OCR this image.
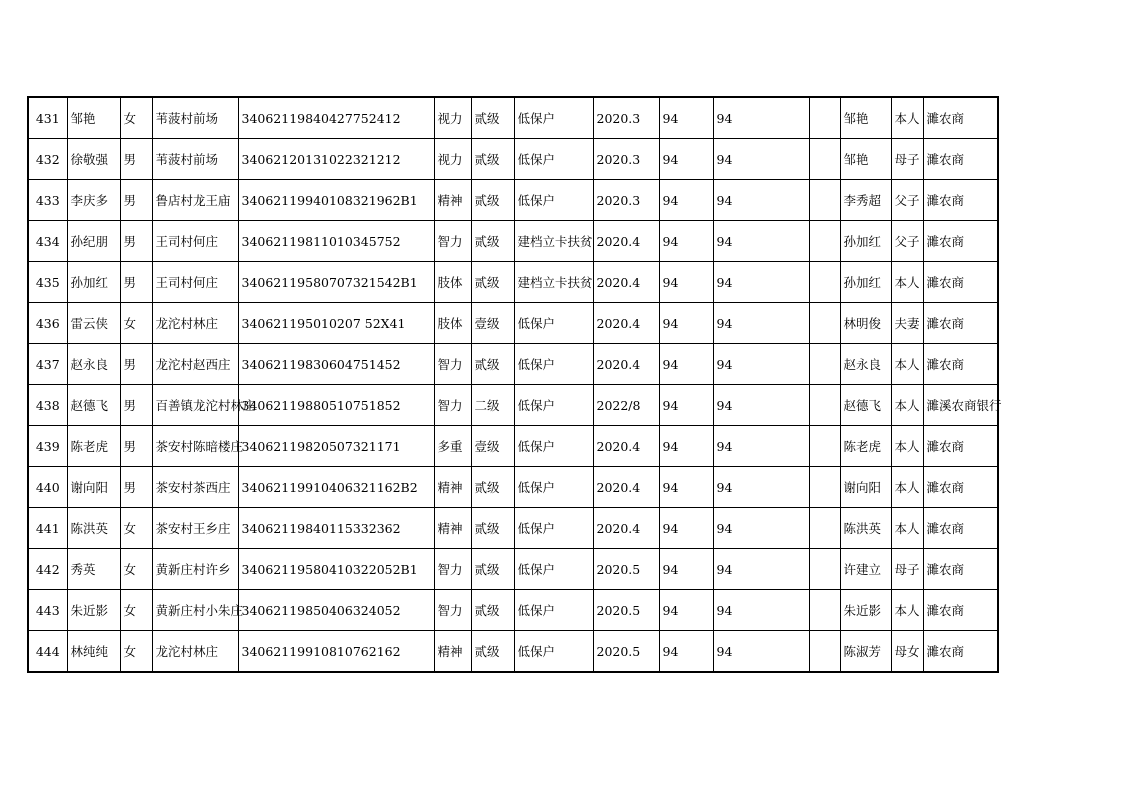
431	邹艳	女	苇菠村前场	34062119840427752412	视力	贰级	低保户	2020.3	94	94		邹艳	本人	濉农商
432	徐敬强	男	苇菠村前场	34062120131022321212	视力	贰级	低保户	2020.3	94	94		邹艳	母子	濉农商
433	李庆多	男	鲁店村龙王庙	34062119940108321962B1	精神	贰级	低保户	2020.3	94	94		李秀超	父子	濉农商
434	孙纪朋	男	王司村何庄	34062119811010345752	智力	贰级	建档立卡扶贫	2020.4	94	94		孙加红	父子	濉农商
435	孙加红	男	王司村何庄	34062119580707321542B1	肢体	贰级	建档立卡扶贫	2020.4	94	94		孙加红	本人	濉农商
436	雷云侠	女	龙沱村林庄	340621195010207 52X41	肢体	壹级	低保户	2020.4	94	94		林明俊	夫妻	濉农商
437	赵永良	男	龙沱村赵西庄	34062119830604751452	智力	贰级	低保户	2020.4	94	94		赵永良	本人	濉农商
438	赵德飞	男	百善镇龙沱村林庄	34062119880510751852	智力	二级	低保户	2022/8	94	94		赵德飞	本人	濉溪农商银行
439	陈老虎	男	茶安村陈暗楼庄	34062119820507321171	多重	壹级	低保户	2020.4	94	94		陈老虎	本人	濉农商
440	谢向阳	男	茶安村茶西庄	34062119910406321162B2	精神	贰级	低保户	2020.4	94	94		谢向阳	本人	濉农商
441	陈洪英	女	茶安村王乡庄	34062119840115332362	精神	贰级	低保户	2020.4	94	94		陈洪英	本人	濉农商
442	秀英	女	黄新庄村许乡	34062119580410322052B1	智力	贰级	低保户	2020.5	94	94		许建立	母子	濉农商
443	朱近影	女	黄新庄村小朱庄	34062119850406324052	智力	贰级	低保户	2020.5	94	94		朱近影	本人	濉农商
444	林纯纯	女	龙沱村林庄	34062119910810762162	精神	贰级	低保户	2020.5	94	94		陈淑芳	母女	濉农商
